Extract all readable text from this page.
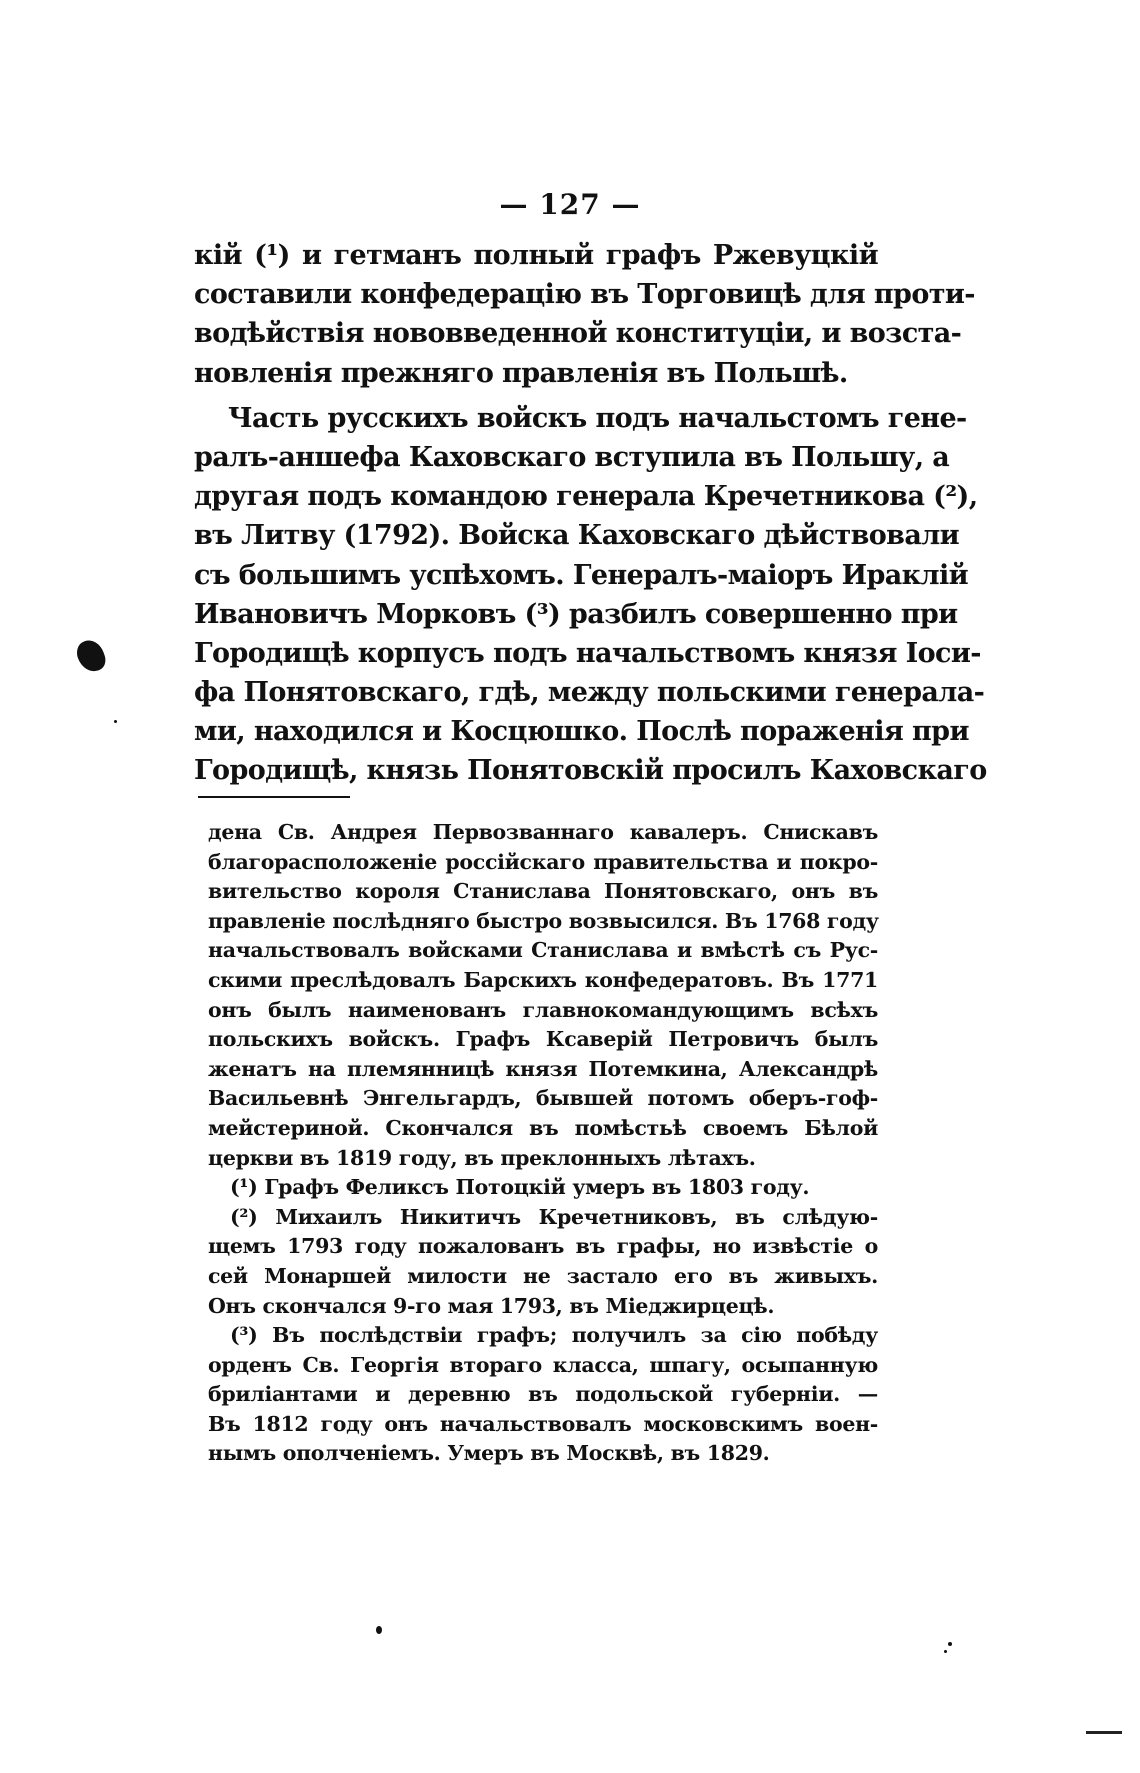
— 127 —
кій (¹) и гетманъ полный графъ Ржевуцкій
составили конфедерацію въ Торговицѣ для проти-
водѣйствія нововведенной конституціи, и возста-
новленія прежняго правленія въ Польшѣ.
Часть русскихъ войскъ подъ начальстомъ гене-
ралъ-аншефа Каховскаго вступила въ Польшу, а
другая подъ командою генерала Кречетникова (²),
въ Литву (1792). Войска Каховскаго дѣйствовали
съ большимъ успѣхомъ. Генералъ-маіоръ Ираклій
Ивановичъ Морковъ (³) разбилъ совершенно при
Городищѣ корпусъ подъ начальствомъ князя Іоси-
фа Понятовскаго, гдѣ, между польскими генерала-
ми, находился и Косцюшко. Послѣ пораженія при
Городищѣ, князь Понятовскій просилъ Каховскаго
дена Св. Андрея Первозваннаго кавалеръ. Снискавъ
благорасположеніе россійскаго правительства и покро-
вительство короля Станислава Понятовскаго, онъ въ
правленіе послѣдняго быстро возвысился. Въ 1768 году
начальствовалъ войсками Станислава и вмѣстѣ съ Рус-
скими преслѣдовалъ Барскихъ конфедератовъ. Въ 1771
онъ былъ наименованъ главнокомандующимъ всѣхъ
польскихъ войскъ. Графъ Ксаверій Петровичъ былъ
женатъ на племянницѣ князя Потемкина, Александрѣ
Васильевнѣ Энгельгардъ, бывшей потомъ оберъ-гоф-
мейстериной. Скончался въ помѣстьѣ своемъ Бѣлой
церкви въ 1819 году, въ преклонныхъ лѣтахъ.
(¹) Графъ Феликсъ Потоцкій умеръ въ 1803 году.
(²) Михаилъ Никитичъ Кречетниковъ, въ слѣдую-
щемъ 1793 году пожалованъ въ графы, но извѣстіе о
сей Монаршей милости не застало его въ живыхъ.
Онъ скончался 9-го мая 1793, въ Міеджирцецѣ.
(³) Въ послѣдствіи графъ; получилъ за сію побѣду
орденъ Св. Георгія втораго класса, шпагу, осыпанную
бриліантами и деревню въ подольской губерніи. —
Въ 1812 году онъ начальствовалъ московскимъ воен-
нымъ ополченіемъ. Умеръ въ Москвѣ, въ 1829.
